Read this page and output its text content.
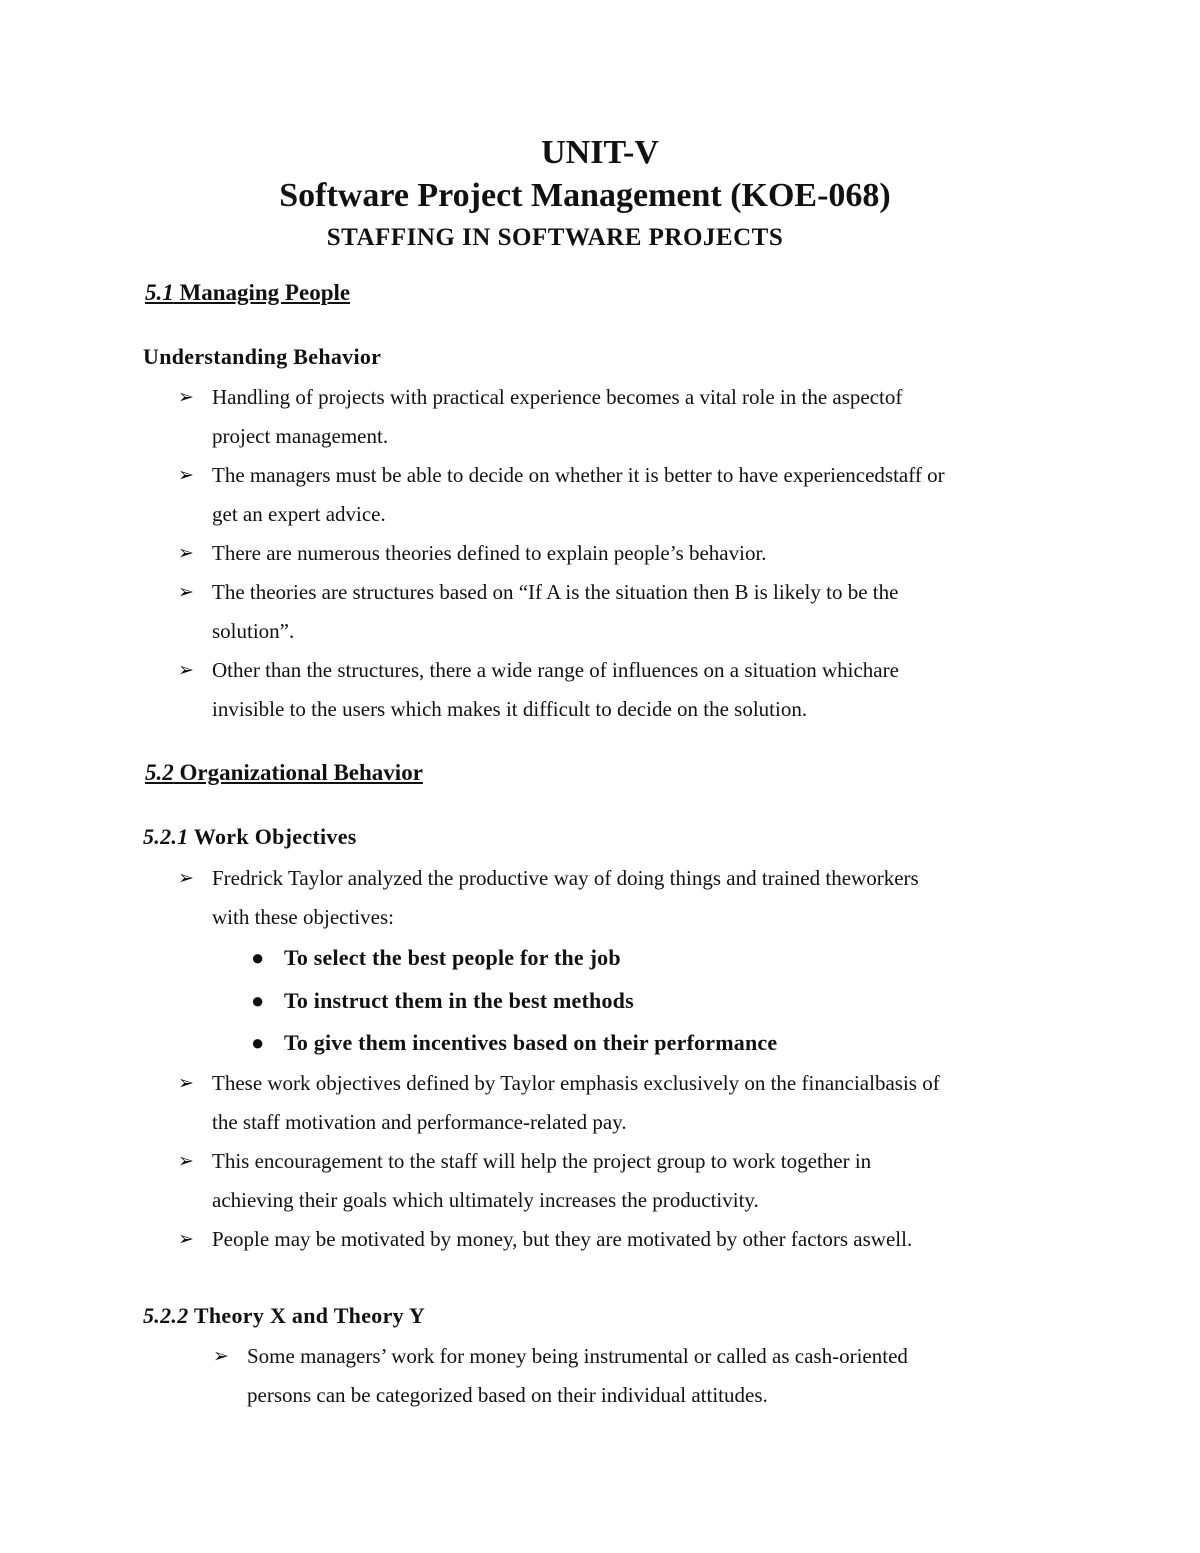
UNIT-V
Software Project Management (KOE-068)
STAFFING IN SOFTWARE PROJECTS
5.1 Managing People
Understanding Behavior
➢ Handling of projects with practical experience becomes a vital role in the aspectof

project management.

➢ The managers must be able to decide on whether it is better to have experiencedstaff or

get an expert advice.

➢ There are numerous theories defined to explain people’s behavior.

➢ The theories are structures based on “If A is the situation then B is likely to be the

solution”.

➢ Other than the structures, there a wide range of influences on a situation whichare

invisible to the users which makes it difficult to decide on the solution.

5.2 Organizational Behavior
5.2.1 Work Objectives
➢ Fredrick Taylor analyzed the productive way of doing things and trained theworkers

with these objectives:

● To select the best people for the job
● To instruct them in the best methods
● To give them incentives based on their performance
➢ These work objectives defined by Taylor emphasis exclusively on the financialbasis of

the staff motivation and performance-related pay.

➢ This encouragement to the staff will help the project group to work together in

achieving their goals which ultimately increases the productivity.

➢ People may be motivated by money, but they are motivated by other factors aswell.

5.2.2 Theory X and Theory Y
➢ Some managers’ work for money being instrumental or called as cash-oriented

persons can be categorized based on their individual attitudes.
